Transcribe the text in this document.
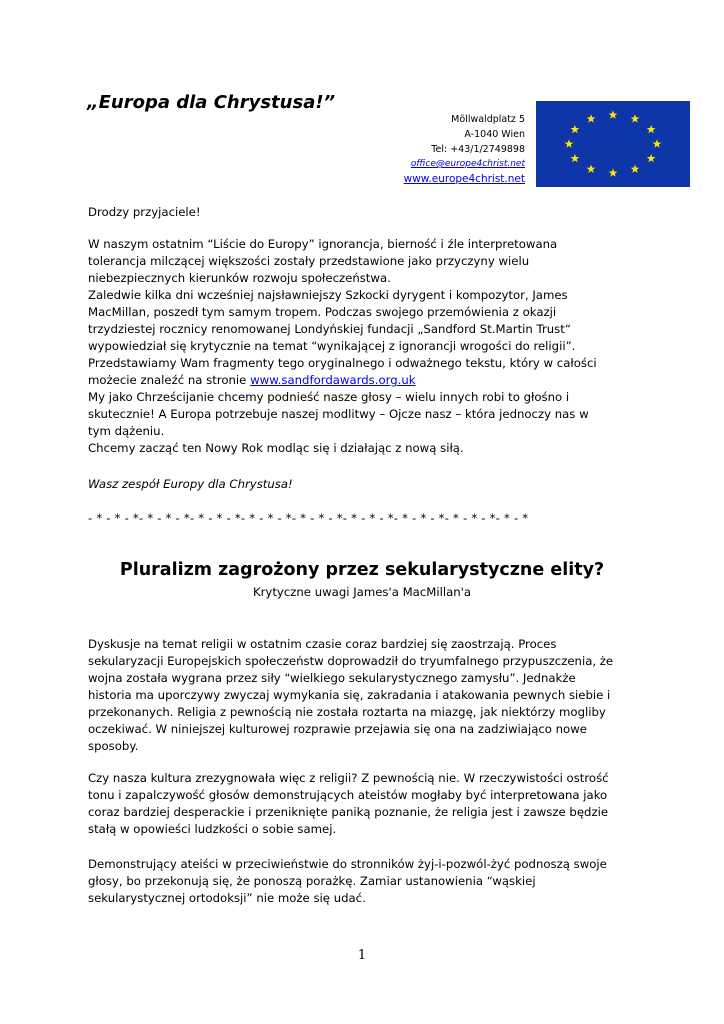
„Europa dla Chrystusa!”
Möllwaldplatz 5
A-1040 Wien
Tel: +43/1/2749898
office@europe4christ.net
www.europe4christ.net
Drodzy przyjaciele!

W naszym ostatnim “Liście do Europy” ignorancja, bierność i źle interpretowana

tolerancja milczącej większości zostały przedstawione jako przyczyny wielu

niebezpiecznych kierunków rozwoju społeczeństwa.

Zaledwie kilka dni wcześniej najsławniejszy Szkocki dyrygent i kompozytor, James

MacMillan, poszedł tym samym tropem. Podczas swojego przemówienia z okazji

trzydziestej rocznicy renomowanej Londyńskiej fundacji „Sandford St.Martin Trust“

wypowiedział się krytycznie na temat “wynikającej z ignorancji wrogości do religii”.

Przedstawiamy Wam fragmenty tego oryginalnego i odważnego tekstu, który w całości

możecie znaleźć na stronie www.sandfordawards.org.uk

My jako Chrześcijanie chcemy podnieść nasze głosy – wielu innych robi to głośno i

skutecznie! A Europa potrzebuje naszej modlitwy – Ojcze nasz – która jednoczy nas w

tym dążeniu.

Chcemy zacząć ten Nowy Rok modląc się i działając z nową siłą.

Wasz zespół Europy dla Chrystusa!
- * - * - *- * - * - *- * - * - *- * - * - *- * - * - *- * - * - *- * - * - *- * - * - *- * - *
Pluralizm zagrożony przez sekularystyczne elity?
Krytyczne uwagi James'a MacMillan'a
Dyskusje na temat religii w ostatnim czasie coraz bardziej się zaostrzają. Proces
sekularyzacji Europejskich społeczeństw doprowadził do tryumfalnego przypuszczenia, że
wojna została wygrana przez siły “wielkiego sekularystycznego zamysłu”. Jednakże
historia ma uporczywy zwyczaj wymykania się, zakradania i atakowania pewnych siebie i
przekonanych. Religia z pewnością nie została roztarta na miazgę, jak niektórzy mogliby
oczekiwać. W niniejszej kulturowej rozprawie przejawia się ona na zadziwiająco nowe
sposoby.
Czy nasza kultura zrezygnowała więc z religii? Z pewnością nie. W rzeczywistości ostrość
tonu i zapalczywość głosów demonstrujących ateistów mogłaby być interpretowana jako
coraz bardziej desperackie i przeniknięte paniką poznanie, że religia jest i zawsze będzie
stałą w opowieści ludzkości o sobie samej.
Demonstrujący ateiści w przeciwieństwie do stronników żyj-i-pozwól-żyć podnoszą swoje
głosy, bo przekonują się, że ponoszą porażkę. Zamiar ustanowienia “wąskiej
sekularystycznej ortodoksji” nie może się udać.
1
